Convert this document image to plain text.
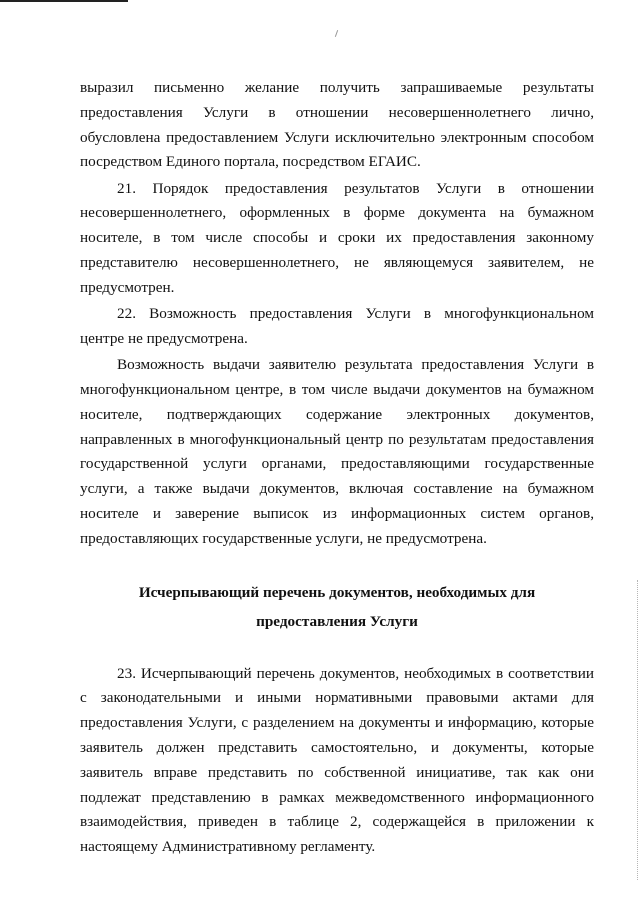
выразил письменно желание получить запрашиваемые результаты предоставления Услуги в отношении несовершеннолетнего лично, обусловлена предоставлением Услуги исключительно электронным способом посредством Единого портала, посредством ЕГАИС.

21. Порядок предоставления результатов Услуги в отношении несовершеннолетнего, оформленных в форме документа на бумажном носителе, в том числе способы и сроки их предоставления законному представителю несовершеннолетнего, не являющемуся заявителем, не предусмотрен.

22. Возможность предоставления Услуги в многофункциональном центре не предусмотрена.

Возможность выдачи заявителю результата предоставления Услуги в многофункциональном центре, в том числе выдачи документов на бумажном носителе, подтверждающих содержание электронных документов, направленных в многофункциональный центр по результатам предоставления государственной услуги органами, предоставляющими государственные услуги, а также выдачи документов, включая составление на бумажном носителе и заверение выписок из информационных систем органов, предоставляющих государственные услуги, не предусмотрена.

Исчерпывающий перечень документов, необходимых для
предоставления Услуги

23. Исчерпывающий перечень документов, необходимых в соответствии с законодательными и иными нормативными правовыми актами для предоставления Услуги, с разделением на документы и информацию, которые заявитель должен представить самостоятельно, и документы, которые заявитель вправе представить по собственной инициативе, так как они подлежат представлению в рамках межведомственного информационного взаимодействия, приведен в таблице 2, содержащейся в приложении к настоящему Административному регламенту.
